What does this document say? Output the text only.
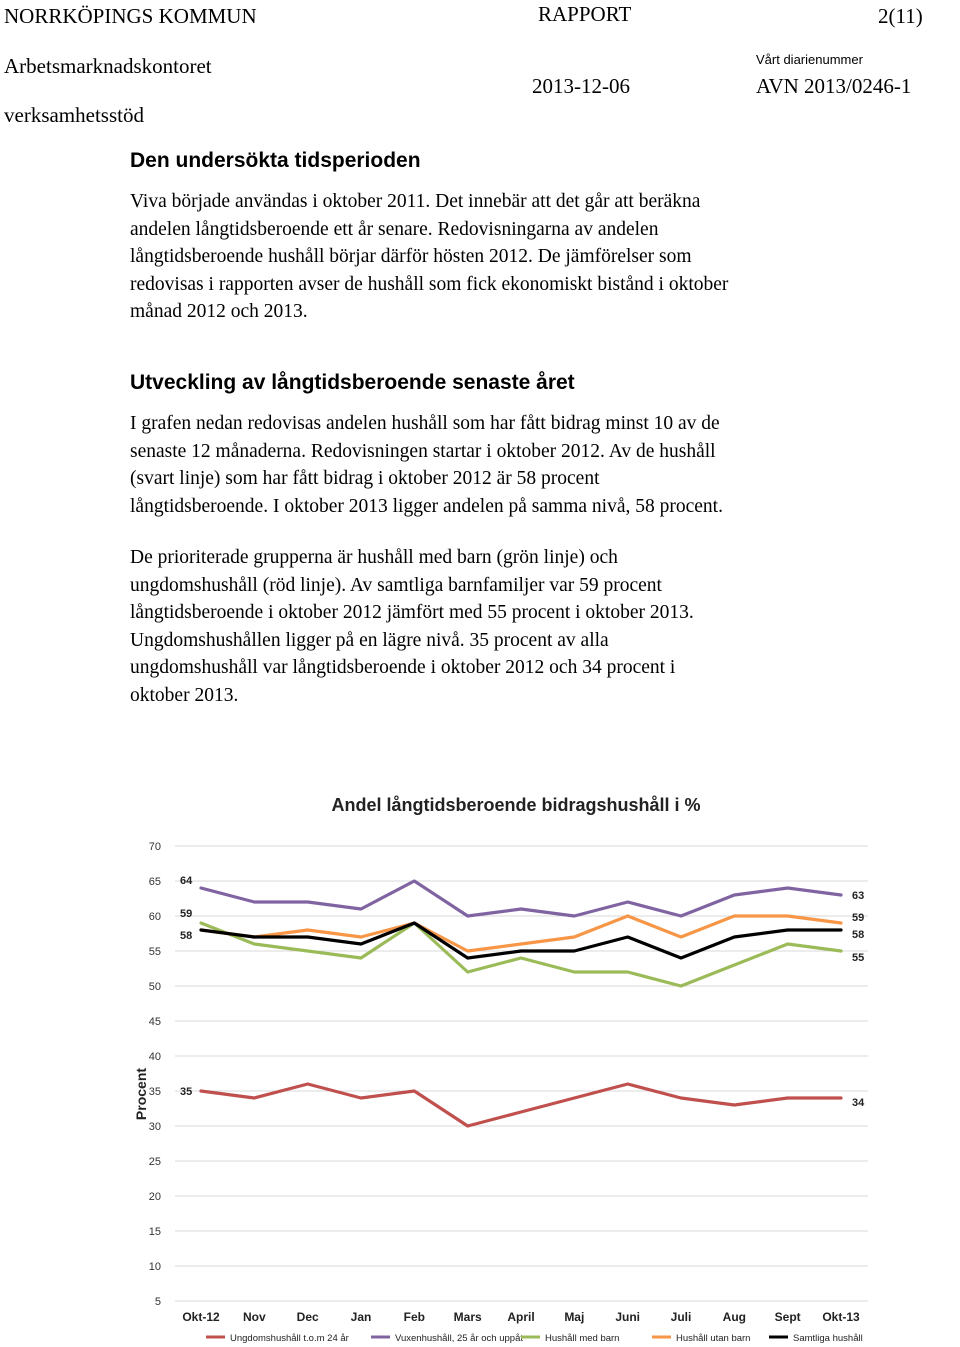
NORRKÖPINGS KOMMUN	RAPPORT	2(11)
Arbetsmarknadskontoret	Vårt diarienummer
2013-12-06	AVN 2013/0246-1
verksamhetsstöd
Den undersökta tidsperioden
Viva började användas i oktober 2011. Det innebär att det går att beräkna
andelen långtidsberoende ett år senare. Redovisningarna av andelen
långtidsberoende hushåll börjar därför hösten 2012. De jämförelser som
redovisas i rapporten avser de hushåll som fick ekonomiskt bistånd i oktober
månad 2012 och 2013.
Utveckling av långtidsberoende senaste året
I grafen nedan redovisas andelen hushåll som har fått bidrag minst 10 av de
senaste 12 månaderna. Redovisningen startar i oktober 2012. Av de hushåll
(svart linje) som har fått bidrag i oktober 2012 är 58 procent
långtidsberoende. I oktober 2013 ligger andelen på samma nivå, 58 procent.
De prioriterade grupperna är hushåll med barn (grön linje) och
ungdomshushåll (röd linje). Av samtliga barnfamiljer var 59 procent
långtidsberoende i oktober 2012 jämfört med 55 procent i oktober 2013.
Ungdomshushållen ligger på en lägre nivå. 35 procent av alla
ungdomshushåll var långtidsberoende i oktober 2012 och 34 procent i
oktober 2013.
Andel långtidsberoende bidragshushåll i %
Procent
5
10
15
20
25
30
35
40
45
50
55
60
65
70
Okt-12 Nov	Dec	Jan	Feb Mars April Maj	Juni	Juli	Aug Sept Okt-13
35
64
59
58
34
63
55
59
58
Ungdomshushåll t.o.m 24 år	Vuxenhushåll, 25 år och uppåt Hushåll med barn	Hushåll utan barn	Samtliga hushåll
